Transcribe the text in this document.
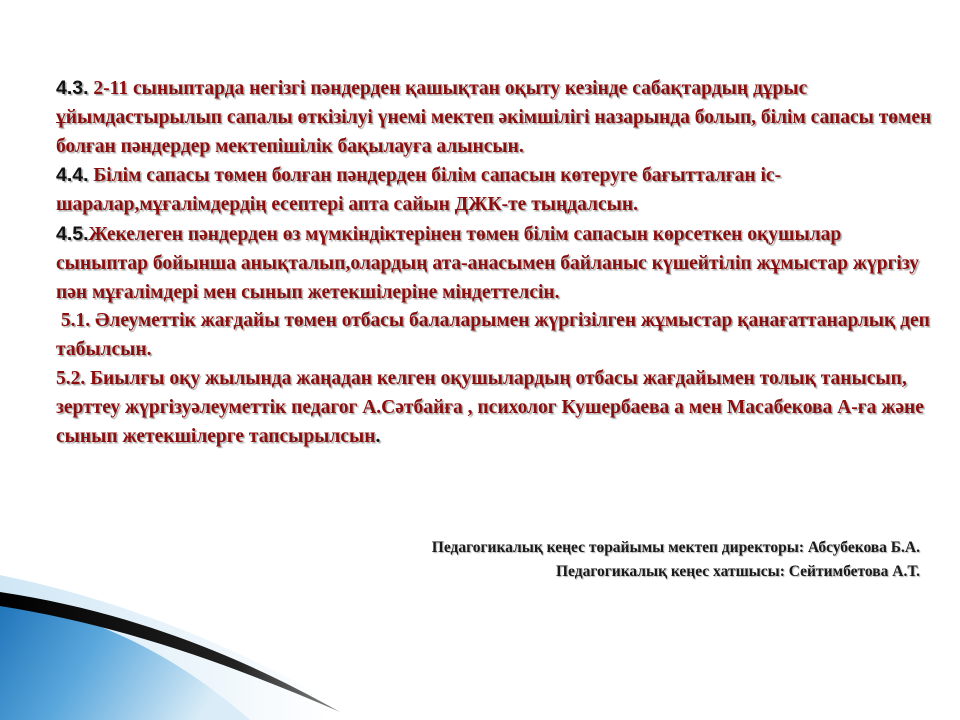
4.3. 2-11 сыныптарда негізгі пәндерден қашықтан оқыту кезінде сабақтардың дұрыс ұйымдастырылып сапалы өткізілуі үнемі мектеп әкімшілігі назарында болып, білім сапасы төмен болған пәндердер мектепішілік бақылауға алынсын.

4.4. Білім сапасы төмен болған пәндерден білім сапасын көтеруге бағытталған іс-шаралар,мұғалімдердің есептері апта сайын ДЖК-те тыңдалсын.

4.5.Жекелеген пәндерден өз мүмкіндіктерінен төмен білім сапасын көрсеткен оқушылар сыныптар бойынша анықталып,олардың ата-анасымен байланыс күшейтіліп жұмыстар жүргізу пән мұғалімдері мен сынып жетекшілеріне міндеттелсін.

5.1. Әлеуметтік жағдайы төмен отбасы балаларымен жүргізілген жұмыстар қанағаттанарлық деп табылсын.

5.2. Биылғы оқу жылында жаңадан келген оқушылардың отбасы жағдайымен толық танысып, зерттеу жүргізуәлеуметтік педагог А.Сәтбайға , психолог Кушербаева а мен Масабекова А-ға және сынып жетекшілерге тапсырылсын.

Педагогикалық кеңес төрайымы мектеп директоры: Абсубекова Б.А.

Педагогикалық кеңес хатшысы: Сейтимбетова А.Т.
